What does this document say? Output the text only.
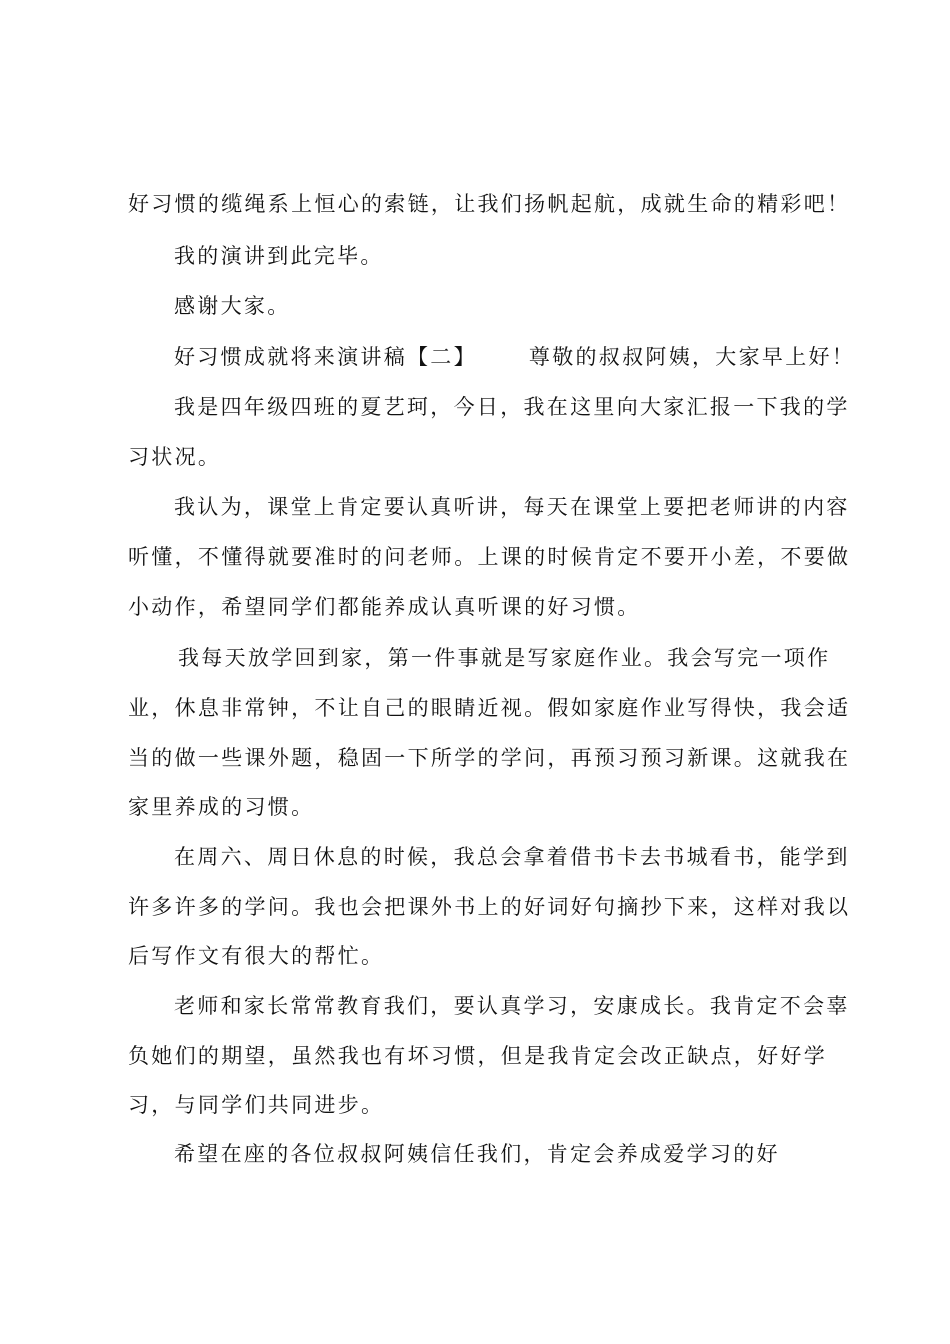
好习惯的缆绳系上恒心的索链，让我们扬帆起航，成就生命的精彩吧！
我的演讲到此完毕。
感谢大家。
好习惯成就将来演讲稿【二】 尊敬的叔叔阿姨，大家早上好！
我是四年级四班的夏艺珂，今日，我在这里向大家汇报一下我的学
习状况。
我认为，课堂上肯定要认真听讲，每天在课堂上要把老师讲的内容
听懂，不懂得就要准时的问老师。上课的时候肯定不要开小差，不要做
小动作，希望同学们都能养成认真听课的好习惯。
我每天放学回到家，第一件事就是写家庭作业。我会写完一项作
业，休息非常钟，不让自己的眼睛近视。假如家庭作业写得快，我会适
当的做一些课外题，稳固一下所学的学问，再预习预习新课。这就我在
家里养成的习惯。
在周六、周日休息的时候，我总会拿着借书卡去书城看书，能学到
许多许多的学问。我也会把课外书上的好词好句摘抄下来，这样对我以
后写作文有很大的帮忙。
老师和家长常常教育我们，要认真学习，安康成长。我肯定不会辜
负她们的期望，虽然我也有坏习惯，但是我肯定会改正缺点，好好学
习，与同学们共同进步。
希望在座的各位叔叔阿姨信任我们，肯定会养成爱学习的好
